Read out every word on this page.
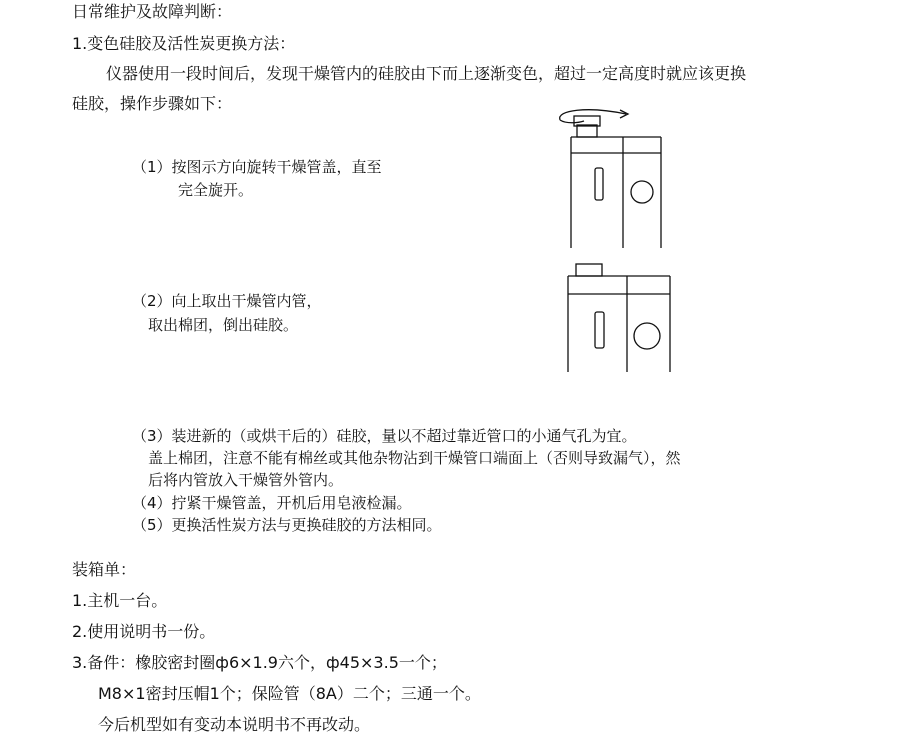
日常维护及故障判断：
1.变色硅胶及活性炭更换方法：
仪器使用一段时间后，发现干燥管内的硅胶由下而上逐渐变色，超过一定高度时就应该更换
硅胶，操作步骤如下：
（1）按图示方向旋转干燥管盖，直至
完全旋开。
（2）向上取出干燥管内管，
取出棉团，倒出硅胶。
（3）装进新的（或烘干后的）硅胶，量以不超过靠近管口的小通气孔为宜。
盖上棉团，注意不能有棉丝或其他杂物沾到干燥管口端面上（否则导致漏气），然
后将内管放入干燥管外管内。
（4）拧紧干燥管盖，开机后用皂液检漏。
（5）更换活性炭方法与更换硅胶的方法相同。
装箱单：
1.主机一台。
2.使用说明书一份。
3.备件：橡胶密封圈ф6×1.9六个，ф45×3.5一个；
M8×1密封压帽1个；保险管（8A）二个；三通一个。
今后机型如有变动本说明书不再改动。
